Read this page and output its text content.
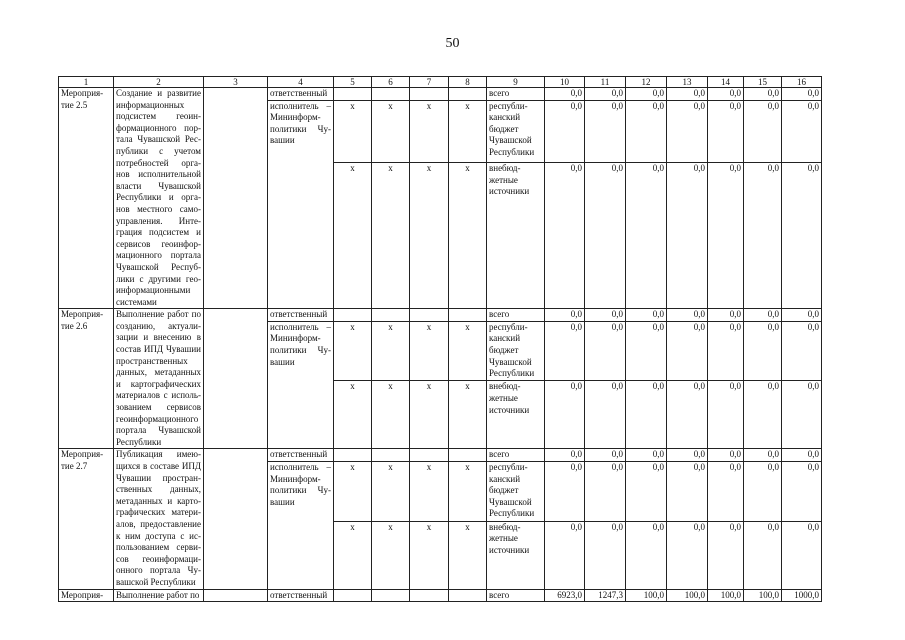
50
1	2	3	4	5	6	7	8	9	10	11	12	13	14	15	16
Мероприя-тие 2.5	Создание и развитие информационных подсистем геоин-формационного пор-тала Чувашской Рес-публики с учетом потребностей орга-нов исполнительной власти Чувашской Республики и орга-нов местного само-управления. Инте-грация подсистем и сервисов геоинфор-мационного портала Чувашской Респуб-лики с другими гео-информационными системами		ответственный					всего	0,0	0,0	0,0	0,0	0,0	0,0	0,0
			исполнитель – Мининформ-политики Чу-вашии	х	х	х	х	республи-канский бюджет Чувашской Республики	0,0	0,0	0,0	0,0	0,0	0,0	0,0
				х	х	х	х	внебюд-жетные источники	0,0	0,0	0,0	0,0	0,0	0,0	0,0
Мероприя-тие 2.6	Выполнение работ по созданию, актуали-зации и внесению в состав ИПД Чувашии пространственных данных, метаданных и картографических материалов с исполь-зованием сервисов геоинформационного портала Чувашской Республики		ответственный					всего	0,0	0,0	0,0	0,0	0,0	0,0	0,0
			исполнитель – Мининформ-политики Чу-вашии	х	х	х	х	республи-канский бюджет Чувашской Республики	0,0	0,0	0,0	0,0	0,0	0,0	0,0
				х	х	х	х	внебюд-жетные источники	0,0	0,0	0,0	0,0	0,0	0,0	0,0
Мероприя-тие 2.7	Публикация имею-щихся в составе ИПД Чувашии простран-ственных данных, метаданных и карто-графических матери-алов, предоставление к ним доступа с ис-пользованием серви-сов геоинформаци-онного портала Чу-вашской Республики		ответственный					всего	0,0	0,0	0,0	0,0	0,0	0,0	0,0
			исполнитель – Мининформ-политики Чу-вашии	х	х	х	х	республи-канский бюджет Чувашской Республики	0,0	0,0	0,0	0,0	0,0	0,0	0,0
				х	х	х	х	внебюд-жетные источники	0,0	0,0	0,0	0,0	0,0	0,0	0,0
Мероприя-	Выполнение работ по		ответственный					всего	6923,0	1247,3	100,0	100,0	100,0	100,0	1000,0
